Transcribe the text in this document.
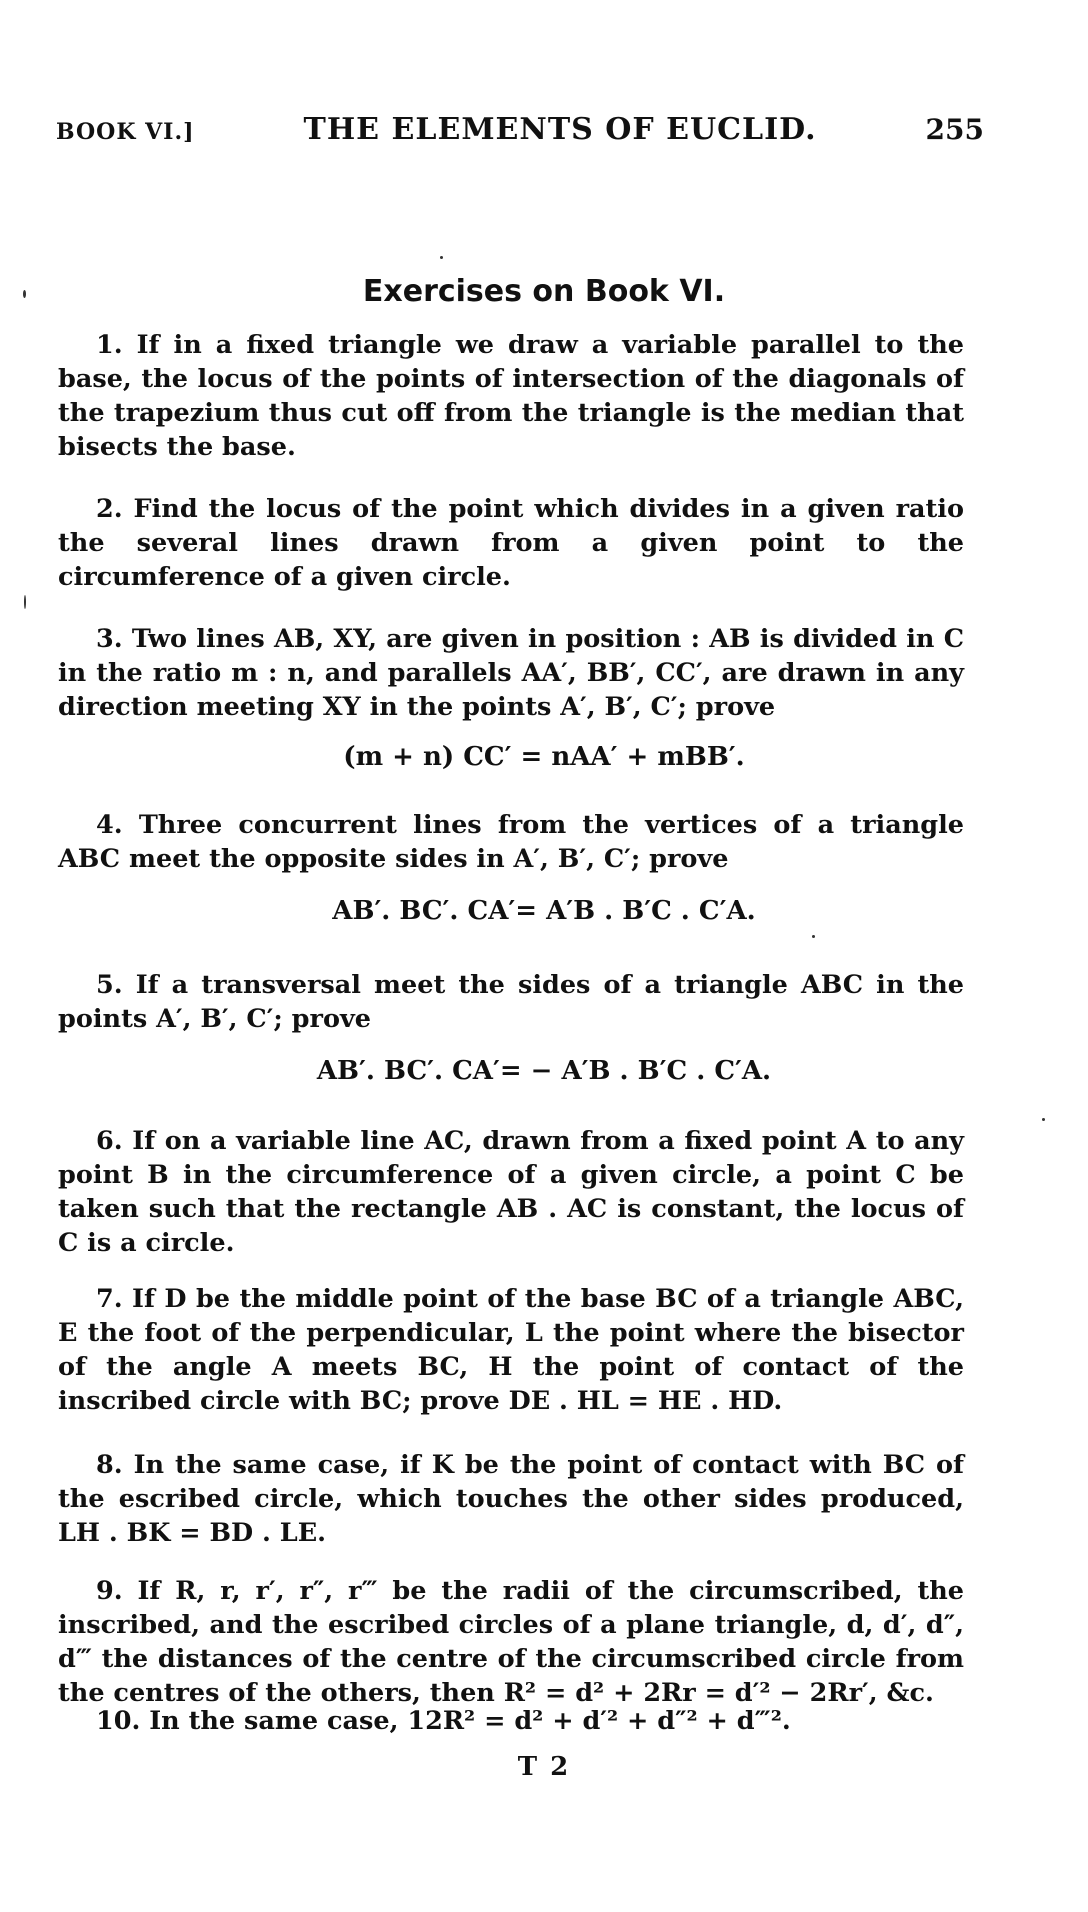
BOOK VI.]	THE ELEMENTS OF EUCLID.	255
Exercises on Book VI.

1. If in a fixed triangle we draw a variable parallel to the base, the locus of the points of intersection of the diagonals of the trapezium thus cut off from the triangle is the median that bisects the base.

2. Find the locus of the point which divides in a given ratio the several lines drawn from a given point to the circumference of a given circle.

3. Two lines AB, XY, are given in position : AB is divided in C in the ratio m : n, and parallels AA′, BB′, CC′, are drawn in any direction meeting XY in the points A′, B′, C′; prove

(m + n) CC′ = nAA′ + mBB′.

4. Three concurrent lines from the vertices of a triangle ABC meet the opposite sides in A′, B′, C′; prove

AB′. BC′. CA′= A′B . B′C . C′A.

5. If a transversal meet the sides of a triangle ABC in the points A′, B′, C′; prove

AB′. BC′. CA′= − A′B . B′C . C′A.

6. If on a variable line AC, drawn from a fixed point A to any point B in the circumference of a given circle, a point C be taken such that the rectangle AB . AC is constant, the locus of C is a circle.

7. If D be the middle point of the base BC of a triangle ABC, E the foot of the perpendicular, L the point where the bisector of the angle A meets BC, H the point of contact of the inscribed circle with BC; prove DE . HL = HE . HD.

8. In the same case, if K be the point of contact with BC of the escribed circle, which touches the other sides produced, LH . BK = BD . LE.

9. If R, r, r′, r″, r‴ be the radii of the circumscribed, the inscribed, and the escribed circles of a plane triangle, d, d′, d″, d‴ the distances of the centre of the circumscribed circle from the centres of the others, then R² = d² + 2Rr = d′² − 2Rr′, &c.

10. In the same case, 12R² = d² + d′² + d″² + d‴².

T 2
